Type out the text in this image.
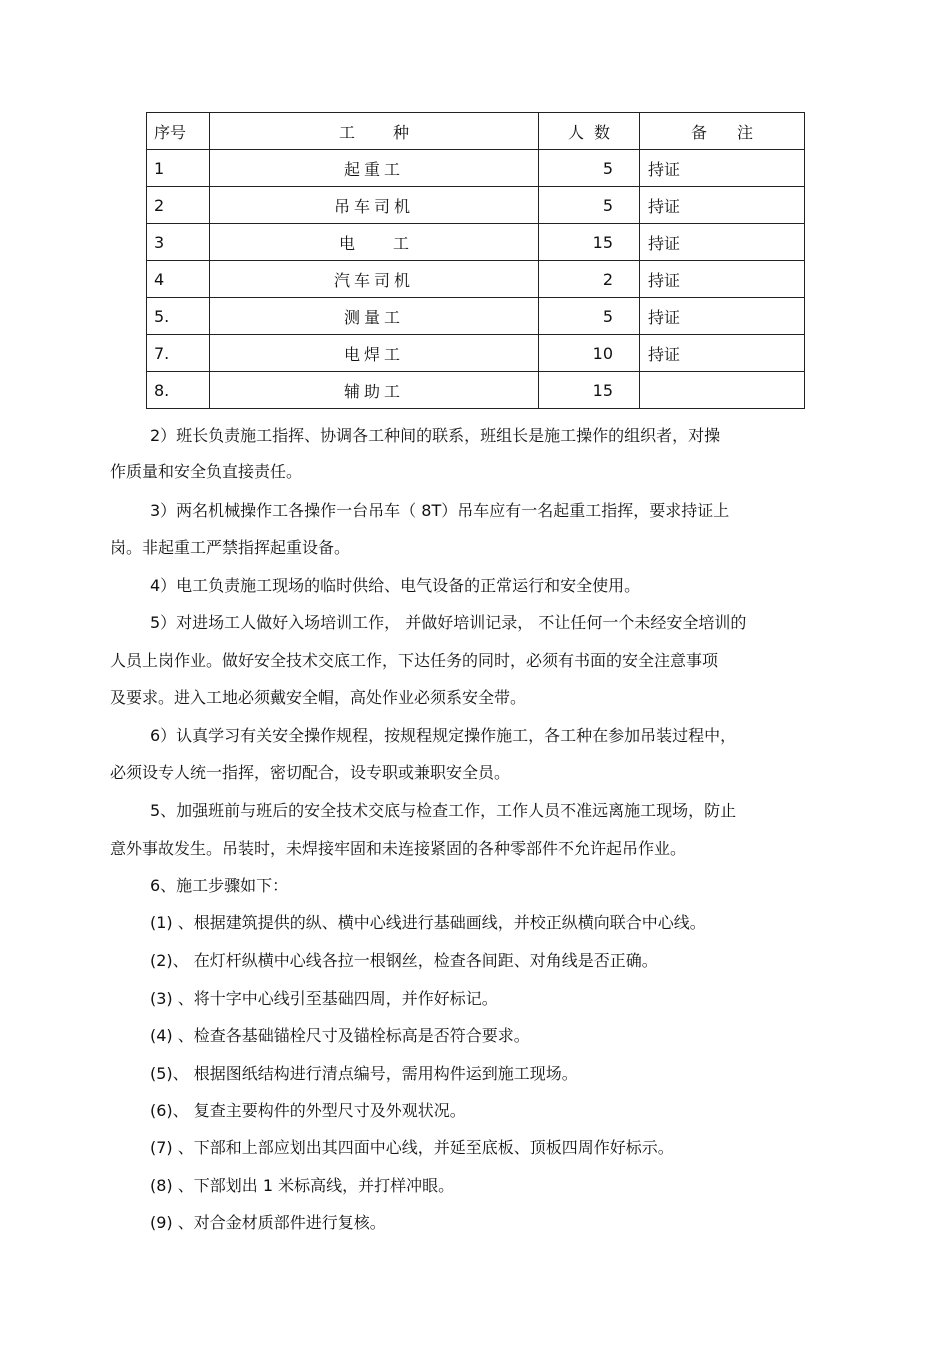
序号	工种	人数	备注
1	起重工	5	持证
2	吊车司机	5	持证
3	电工	15	持证
4	汽车司机	2	持证
5.	测量工	5	持证
7.	电焊工	10	持证
8.	辅助工	15	
2）班长负责施工指挥、协调各工种间的联系，班组长是施工操作的组织者，对操
作质量和安全负直接责任。
3）两名机械操作工各操作一台吊车（ 8T）吊车应有一名起重工指挥，要求持证上
岗。非起重工严禁指挥起重设备。
4）电工负责施工现场的临时供给、电气设备的正常运行和安全使用。
5）对进场工人做好入场培训工作， 并做好培训记录， 不让任何一个未经安全培训的
人员上岗作业。做好安全技术交底工作，下达任务的同时，必须有书面的安全注意事项
及要求。进入工地必须戴安全帽，高处作业必须系安全带。
6）认真学习有关安全操作规程，按规程规定操作施工，各工种在参加吊装过程中，
必须设专人统一指挥，密切配合，设专职或兼职安全员。
5、加强班前与班后的安全技术交底与检查工作，工作人员不准远离施工现场，防止
意外事故发生。吊装时，未焊接牢固和未连接紧固的各种零部件不允许起吊作业。
6、施工步骤如下：
(1) 、根据建筑提供的纵、横中心线进行基础画线，并校正纵横向联合中心线。
(2)、 在灯杆纵横中心线各拉一根钢丝，检查各间距、对角线是否正确。
(3) 、将十字中心线引至基础四周，并作好标记。
(4) 、检查各基础锚栓尺寸及锚栓标高是否符合要求。
(5)、 根据图纸结构进行清点编号，需用构件运到施工现场。
(6)、 复查主要构件的外型尺寸及外观状况。
(7) 、下部和上部应划出其四面中心线，并延至底板、顶板四周作好标示。
(8) 、下部划出 1 米标高线，并打样冲眼。
(9) 、对合金材质部件进行复核。
